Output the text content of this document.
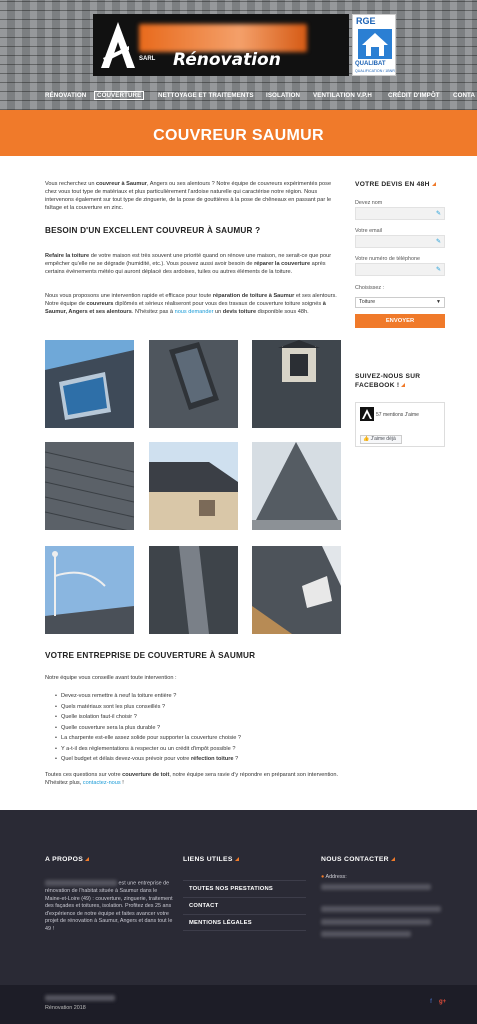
SARL Rénovation
RGE
QUALIBAT
QUALIFICATION / 1BNR
RÉNOVATION	COUVERTURE	NETTOYAGE ET TRAITEMENTS ISOLATION VENTILATION V.P.H	CRÉDIT D'IMPÔT CONTA
COUVREUR SAUMUR
Vous recherchez un couvreur à Saumur, Angers ou ses alentours ? Notre équipe de couvreurs expérimentés pose chez vous tout type de matériaux et plus particulièrement l'ardoise naturelle qui caractérise notre région. Nous intervenons également sur tout type de zinguerie, de la pose de gouttières à la pose de chêneaux en passant par le faîtage et la couverture en zinc.
BESOIN D'UN EXCELLENT COUVREUR À SAUMUR ?
Refaire la toiture de votre maison est très souvent une priorité quand on rénove une maison, ne serait-ce que pour empêcher qu'elle ne se dégrade (humidité, etc.). Vous pouvez aussi avoir besoin de réparer la couverture après certains événements météo qui auront déplacé des ardoises, tuiles ou autres éléments de la toiture.
Nous vous proposons une intervention rapide et efficace pour toute réparation de toiture à Saumur et ses alentours. Notre équipe de couvreurs diplômés et sérieux réaliseront pour vous des travaux de couverture toiture soignés à Saumur, Angers et ses alentours. N'hésitez pas à nous demander un devis toiture disponible sous 48h.
VOTRE ENTREPRISE DE COUVERTURE À SAUMUR
Notre équipe vous conseille avant toute intervention :
• Devez-vous remettre à neuf la toiture entière ?
• Quels matériaux sont les plus conseillés ?
• Quelle isolation faut-il choisir ?
• Quelle couverture sera la plus durable ?
• La charpente est-elle assez solide pour supporter la couverture choisie ?
• Y a-t-il des réglementations à respecter ou un crédit d'impôt possible ?
• Quel budget et délais devez-vous prévoir pour votre réfection toiture ?
Toutes ces questions sur votre couverture de toit, notre équipe sera ravie d'y répondre en préparant son intervention. N'hésitez plus, contactez-nous !
VOTRE DEVIS EN 48H
Devez nom
✎
Votre email
✎
Votre numéro de téléphone
✎
Choisissez :
Toiture	▼
ENVOYER
SUIVEZ-NOUS SUR
FACEBOOK !
57 mentions J'aime
👍 J'aime déjà
A PROPOS
est une entreprise de rénovation de l'habitat située à Saumur dans le Maine-et-Loire (49) : couverture, zinguerie, traitement des façades et toitures, isolation. Profitez des 25 ans d'expérience de notre équipe et faites avancer votre projet de rénovation à Saumur, Angers et dans tout le 49 !
LIENS UTILES
TOUTES NOS PRESTATIONS
CONTACT
MENTIONS LÉGALES
NOUS CONTACTER
● Address:
Rénovation 2018
f g+
